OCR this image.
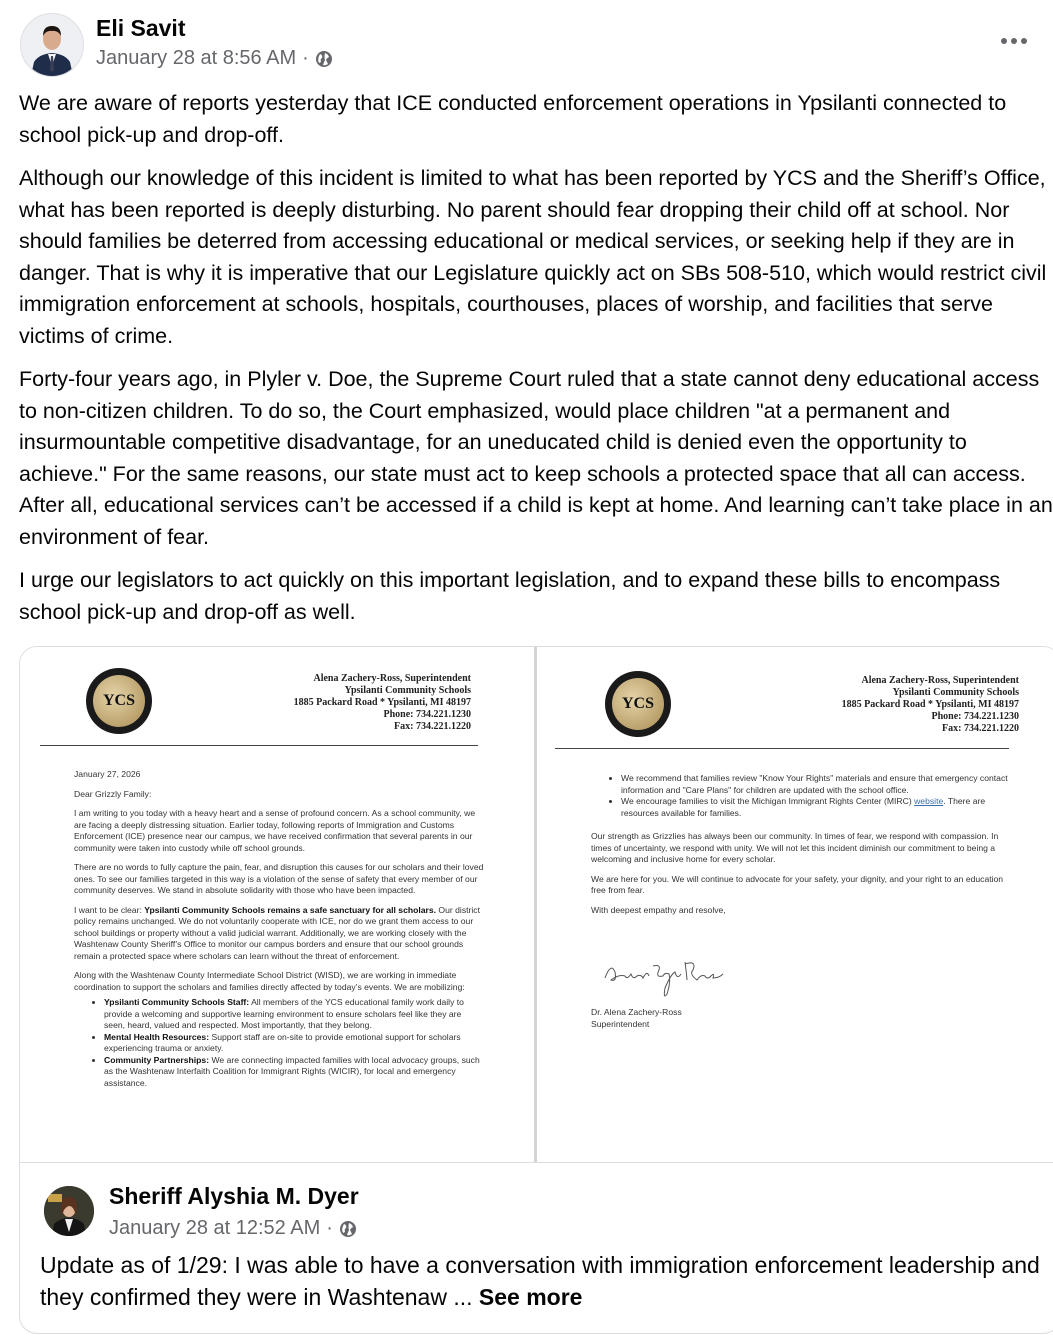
Eli Savit
January 28 at 8:56 AM ·

We are aware of reports yesterday that ICE conducted enforcement operations in Ypsilanti connected to school pick-up and drop-off.

Although our knowledge of this incident is limited to what has been reported by YCS and the Sheriff’s Office, what has been reported is deeply disturbing. No parent should fear dropping their child off at school. Nor should families be deterred from accessing educational or medical services, or seeking help if they are in danger. That is why it is imperative that our Legislature quickly act on SBs 508-510, which would restrict civil immigration enforcement at schools, hospitals, courthouses, places of worship, and facilities that serve victims of crime.

Forty-four years ago, in Plyler v. Doe, the Supreme Court ruled that a state cannot deny educational access to non-citizen children. To do so, the Court emphasized, would place children "at a permanent and insurmountable competitive disadvantage, for an uneducated child is denied even the opportunity to achieve." For the same reasons, our state must act to keep schools a protected space that all can access. After all, educational services can’t be accessed if a child is kept at home. And learning can’t take place in an environment of fear.

I urge our legislators to act quickly on this important legislation, and to expand these bills to encompass school pick-up and drop-off as well.

YCS
Alena Zachery-Ross, Superintendent
Ypsilanti Community Schools
1885 Packard Road * Ypsilanti, MI 48197
Phone: 734.221.1230
Fax: 734.221.1220

January 27, 2026

Dear Grizzly Family:

I am writing to you today with a heavy heart and a sense of profound concern. As a school community, we are facing a deeply distressing situation. Earlier today, following reports of Immigration and Customs Enforcement (ICE) presence near our campus, we have received confirmation that several parents in our community were taken into custody while off school grounds.

There are no words to fully capture the pain, fear, and disruption this causes for our scholars and their loved ones. To see our families targeted in this way is a violation of the sense of safety that every member of our community deserves. We stand in absolute solidarity with those who have been impacted.

I want to be clear: Ypsilanti Community Schools remains a safe sanctuary for all scholars. Our district policy remains unchanged. We do not voluntarily cooperate with ICE, nor do we grant them access to our school buildings or property without a valid judicial warrant. Additionally, we are working closely with the Washtenaw County Sheriff’s Office to monitor our campus borders and ensure that our school grounds remain a protected space where scholars can learn without the threat of enforcement.

Along with the Washtenaw County Intermediate School District (WISD), we are working in immediate coordination to support the scholars and families directly affected by today’s events. We are mobilizing:

• Ypsilanti Community Schools Staff: All members of the YCS educational family work daily to provide a welcoming and supportive learning environment to ensure scholars feel like they are seen, heard, valued and respected. Most importantly, that they belong.
• Mental Health Resources: Support staff are on-site to provide emotional support for scholars experiencing trauma or anxiety.
• Community Partnerships: We are connecting impacted families with local advocacy groups, such as the Washtenaw Interfaith Coalition for Immigrant Rights (WICIR), for local and emergency assistance.
YCS
Alena Zachery-Ross, Superintendent
Ypsilanti Community Schools
1885 Packard Road * Ypsilanti, MI 48197
Phone: 734.221.1230
Fax: 734.221.1220
• We recommend that families review "Know Your Rights" materials and ensure that emergency contact information and "Care Plans" for children are updated with the school office.
• We encourage families to visit the Michigan Immigrant Rights Center (MIRC) website. There are resources available for families.

Our strength as Grizzlies has always been our community. In times of fear, we respond with compassion. In times of uncertainty, we respond with unity. We will not let this incident diminish our commitment to being a welcoming and inclusive home for every scholar.

We are here for you. We will continue to advocate for your safety, your dignity, and your right to an education free from fear.

With deepest empathy and resolve,

Dr. Alena Zachery-Ross
Superintendent
Sheriff Alyshia M. Dyer
January 28 at 12:52 AM ·
Update as of 1/29: I was able to have a conversation with immigration enforcement leadership and they confirmed they were in Washtenaw ... See more
